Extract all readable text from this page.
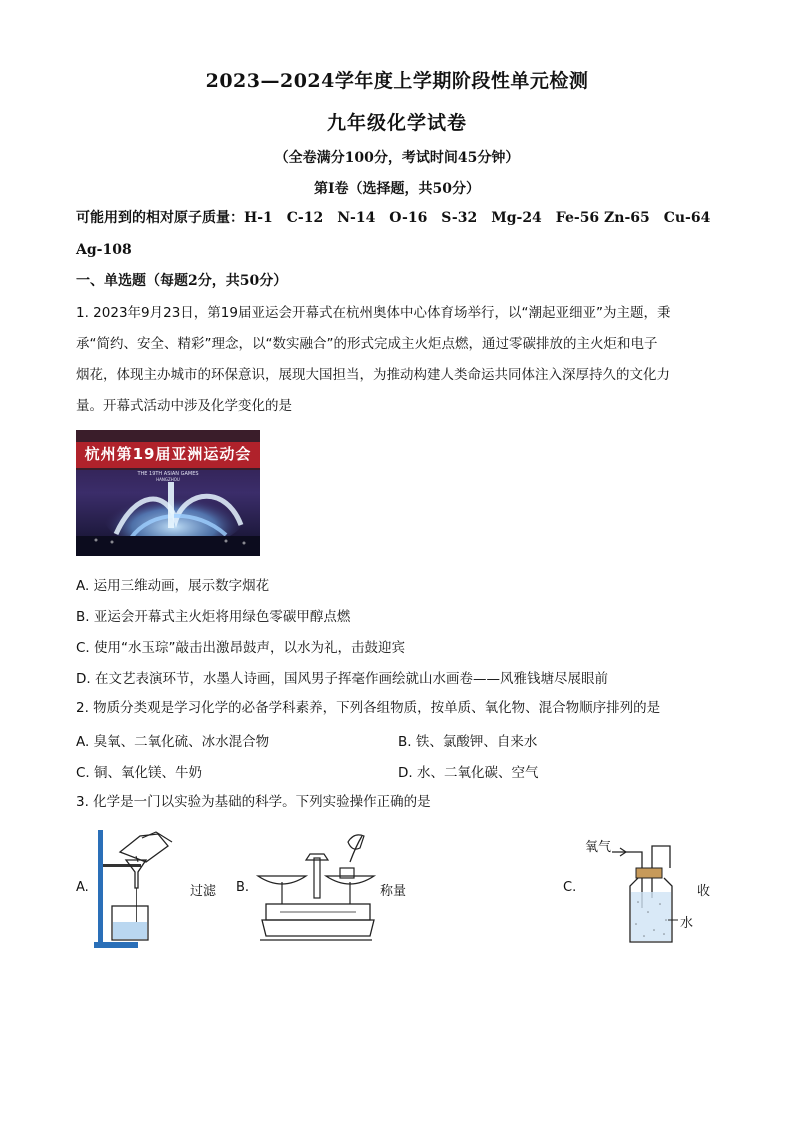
2023—2024学年度上学期阶段性单元检测
九年级化学试卷
（全卷满分100分，考试时间45分钟）
第Ⅰ卷（选择题，共50分）
可能用到的相对原子质量：H-1　C-12　N-14　O-16　S-32　Mg-24　Fe-56 Zn-65　Cu-64
Ag-108
一、单选题（每题2分，共50分）
1. 2023年9月23日，第19届亚运会开幕式在杭州奥体中心体育场举行，以“潮起亚细亚”为主题，秉
承“简约、安全、精彩”理念，以“数实融合”的形式完成主火炬点燃，通过零碳排放的主火炬和电子
烟花，体现主办城市的环保意识，展现大国担当，为推动构建人类命运共同体注入深厚持久的文化力
量。开幕式活动中涉及化学变化的是
杭州第19届亚洲运动会
THE 19TH ASIAN GAMES
HANGZHOU
A. 运用三维动画，展示数字烟花
B. 亚运会开幕式主火炬将用绿色零碳甲醇点燃
C. 使用“水玉琮”敲击出激昂鼓声，以水为礼，击鼓迎宾
D. 在文艺表演环节，水墨人诗画，国风男子挥毫作画绘就山水画卷——风雅钱塘尽展眼前
2. 物质分类观是学习化学的必备学科素养，下列各组物质，按单质、氧化物、混合物顺序排列的是
A. 臭氧、二氧化硫、冰水混合物	B. 铁、氯酸钾、自来水
C. 铜、氧化镁、牛奶	D. 水、二氧化碳、空气
3. 化学是一门以实验为基础的科学。下列实验操作正确的是
A.	过滤 B.	称量	C.
氧气
水
收
